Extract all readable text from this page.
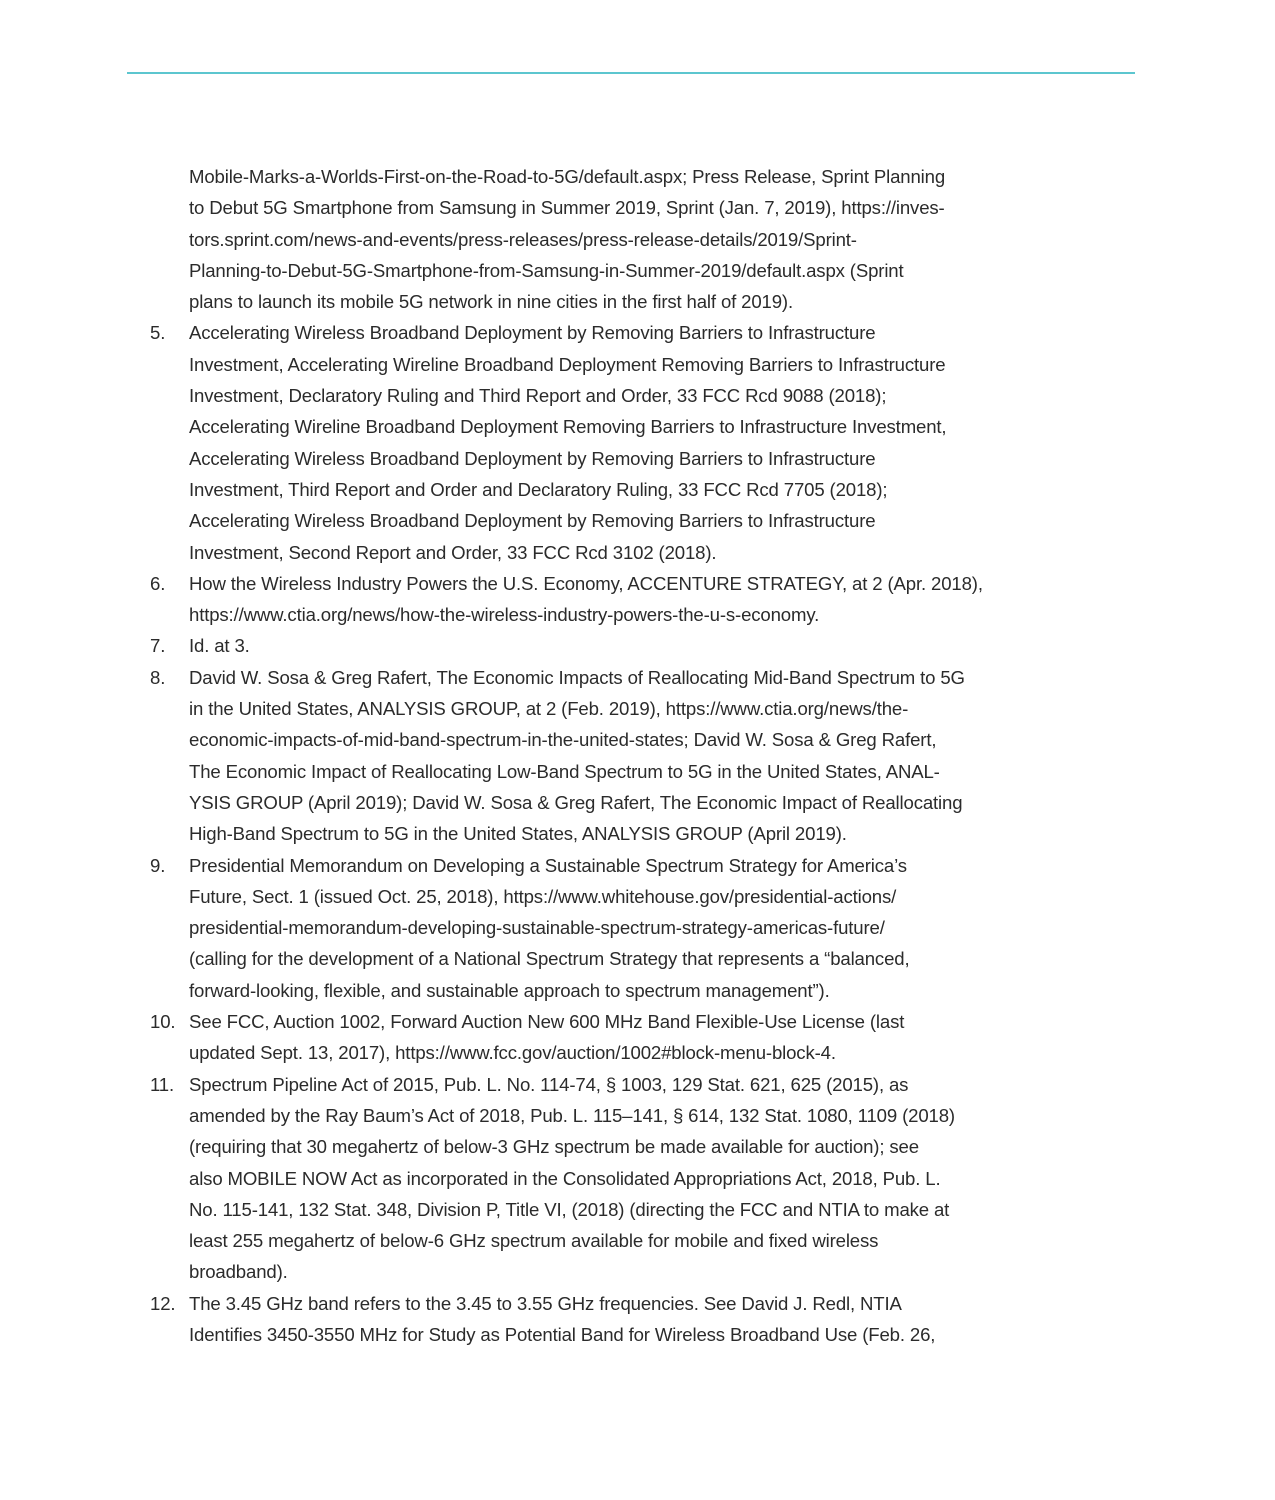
Mobile-Marks-a-Worlds-First-on-the-Road-to-5G/default.aspx; Press Release, Sprint Planning
to Debut 5G Smartphone from Samsung in Summer 2019, Sprint (Jan. 7, 2019), https://inves-
tors.sprint.com/news-and-events/press-releases/press-release-details/2019/Sprint-
Planning-to-Debut-5G-Smartphone-from-Samsung-in-Summer-2019/default.aspx (Sprint
plans to launch its mobile 5G network in nine cities in the first half of 2019).
5. Accelerating Wireless Broadband Deployment by Removing Barriers to Infrastructure
Investment, Accelerating Wireline Broadband Deployment Removing Barriers to Infrastructure
Investment, Declaratory Ruling and Third Report and Order, 33 FCC Rcd 9088 (2018);
Accelerating Wireline Broadband Deployment Removing Barriers to Infrastructure Investment,
Accelerating Wireless Broadband Deployment by Removing Barriers to Infrastructure
Investment, Third Report and Order and Declaratory Ruling, 33 FCC Rcd 7705 (2018);
Accelerating Wireless Broadband Deployment by Removing Barriers to Infrastructure
Investment, Second Report and Order, 33 FCC Rcd 3102 (2018).
6. How the Wireless Industry Powers the U.S. Economy, ACCENTURE STRATEGY, at 2 (Apr. 2018),
https://www.ctia.org/news/how-the-wireless-industry-powers-the-u-s-economy.
7. Id. at 3.
8. David W. Sosa & Greg Rafert, The Economic Impacts of Reallocating Mid-Band Spectrum to 5G
in the United States, ANALYSIS GROUP, at 2 (Feb. 2019), https://www.ctia.org/news/the-
economic-impacts-of-mid-band-spectrum-in-the-united-states; David W. Sosa & Greg Rafert,
The Economic Impact of Reallocating Low-Band Spectrum to 5G in the United States, ANAL-
YSIS GROUP (April 2019); David W. Sosa & Greg Rafert, The Economic Impact of Reallocating
High-Band Spectrum to 5G in the United States, ANALYSIS GROUP (April 2019).
9. Presidential Memorandum on Developing a Sustainable Spectrum Strategy for America’s
Future, Sect. 1 (issued Oct. 25, 2018), https://www.whitehouse.gov/presidential-actions/
presidential-memorandum-developing-sustainable-spectrum-strategy-americas-future/
(calling for the development of a National Spectrum Strategy that represents a “balanced,
forward-looking, flexible, and sustainable approach to spectrum management”).
10. See FCC, Auction 1002, Forward Auction New 600 MHz Band Flexible-Use License (last
updated Sept. 13, 2017), https://www.fcc.gov/auction/1002#block-menu-block-4.
11. Spectrum Pipeline Act of 2015, Pub. L. No. 114-74, § 1003, 129 Stat. 621, 625 (2015), as
amended by the Ray Baum’s Act of 2018, Pub. L. 115–141, § 614, 132 Stat. 1080, 1109 (2018)
(requiring that 30 megahertz of below-3 GHz spectrum be made available for auction); see
also MOBILE NOW Act as incorporated in the Consolidated Appropriations Act, 2018, Pub. L.
No. 115-141, 132 Stat. 348, Division P, Title VI, (2018) (directing the FCC and NTIA to make at
least 255 megahertz of below-6 GHz spectrum available for mobile and fixed wireless
broadband).
12. The 3.45 GHz band refers to the 3.45 to 3.55 GHz frequencies. See David J. Redl, NTIA
Identifies 3450-3550 MHz for Study as Potential Band for Wireless Broadband Use (Feb. 26,
